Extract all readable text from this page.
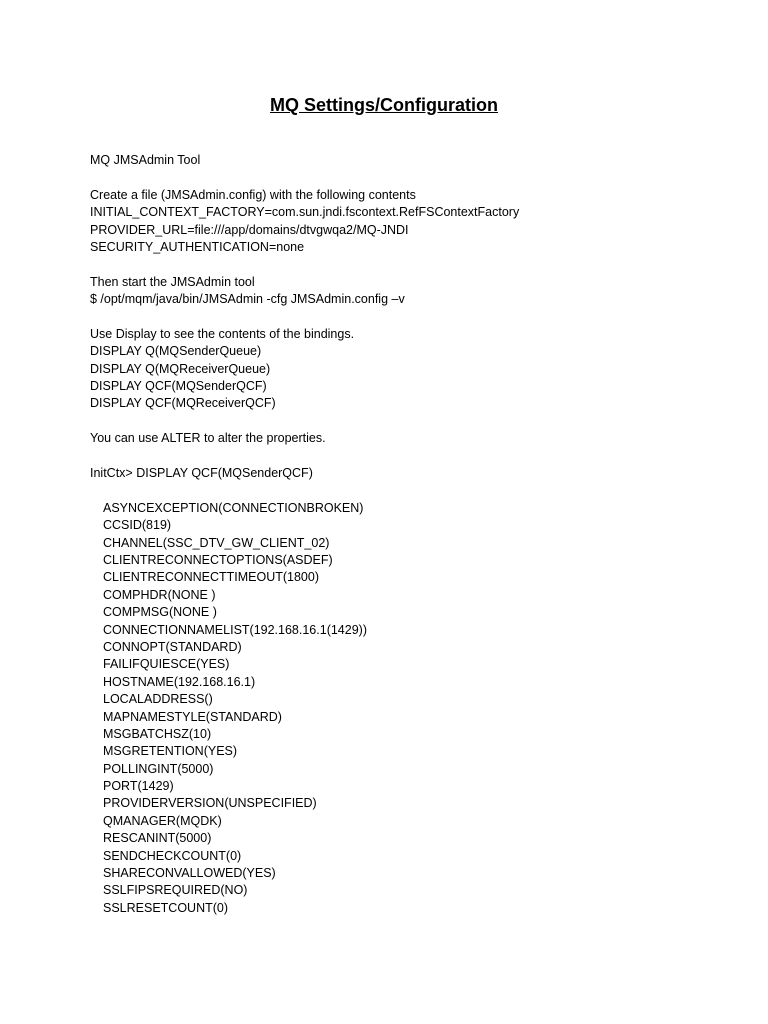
MQ Settings/Configuration
MQ JMSAdmin Tool
Create a file (JMSAdmin.config) with the following contents
INITIAL_CONTEXT_FACTORY=com.sun.jndi.fscontext.RefFSContextFactory
PROVIDER_URL=file:///app/domains/dtvgwqa2/MQ-JNDI
SECURITY_AUTHENTICATION=none
Then start the JMSAdmin tool
$ /opt/mqm/java/bin/JMSAdmin -cfg JMSAdmin.config –v
Use Display to see the contents of the bindings.
DISPLAY Q(MQSenderQueue)
DISPLAY Q(MQReceiverQueue)
DISPLAY QCF(MQSenderQCF)
DISPLAY QCF(MQReceiverQCF)
You can use ALTER to alter the properties.
InitCtx> DISPLAY QCF(MQSenderQCF)
ASYNCEXCEPTION(CONNECTIONBROKEN)
CCSID(819)
CHANNEL(SSC_DTV_GW_CLIENT_02)
CLIENTRECONNECTOPTIONS(ASDEF)
CLIENTRECONNECTTIMEOUT(1800)
COMPHDR(NONE )
COMPMSG(NONE )
CONNECTIONNAMELIST(192.168.16.1(1429))
CONNOPT(STANDARD)
FAILIFQUIESCE(YES)
HOSTNAME(192.168.16.1)
LOCALADDRESS()
MAPNAMESTYLE(STANDARD)
MSGBATCHSZ(10)
MSGRETENTION(YES)
POLLINGINT(5000)
PORT(1429)
PROVIDERVERSION(UNSPECIFIED)
QMANAGER(MQDK)
RESCANINT(5000)
SENDCHECKCOUNT(0)
SHARECONVALLOWED(YES)
SSLFIPSREQUIRED(NO)
SSLRESETCOUNT(0)
